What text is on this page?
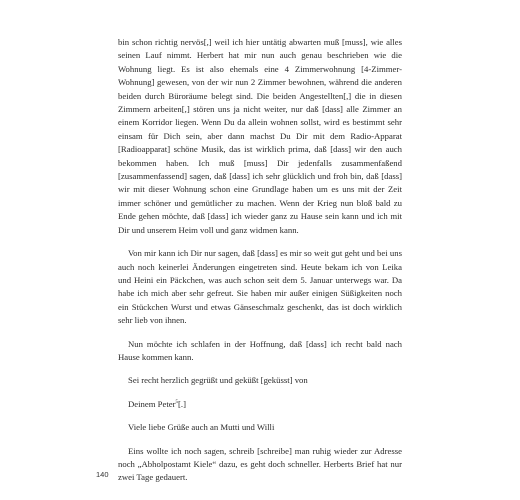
bin schon richtig nervös[,] weil ich hier untätig abwarten muß [muss], wie alles seinen Lauf nimmt. Herbert hat mir nun auch genau beschrieben wie die Wohnung liegt. Es ist also ehemals eine 4 Zimmerwohnung [4-Zimmer-Wohnung] gewesen, von der wir nun 2 Zimmer bewohnen, während die anderen beiden durch Büroräume belegt sind. Die beiden Angestellten[,] die in diesen Zimmern arbeiten[,] stören uns ja nicht weiter, nur daß [dass] alle Zimmer an einem Korridor liegen. Wenn Du da allein wohnen sollst, wird es bestimmt sehr einsam für Dich sein, aber dann machst Du Dir mit dem Radio-Apparat [Radioapparat] schöne Musik, das ist wirklich prima, daß [dass] wir den auch bekommen haben. Ich muß [muss] Dir jedenfalls zusammenfaßend [zusammenfassend] sagen, daß [dass] ich sehr glücklich und froh bin, daß [dass] wir mit dieser Wohnung schon eine Grundlage haben um es uns mit der Zeit immer schöner und gemütlicher zu machen. Wenn der Krieg nun bloß bald zu Ende gehen möchte, daß [dass] ich wieder ganz zu Hause sein kann und ich mit Dir und unserem Heim voll und ganz widmen kann.

Von mir kann ich Dir nur sagen, daß [dass] es mir so weit gut geht und bei uns auch noch keinerlei Änderungen eingetreten sind. Heute bekam ich von Leika und Heini ein Päckchen, was auch schon seit dem 5. Januar unterwegs war. Da habe ich mich aber sehr gefreut. Sie haben mir außer einigen Süßigkeiten noch ein Stückchen Wurst und etwas Gänseschmalz geschenkt, das ist doch wirklich sehr lieb von ihnen.

Nun möchte ich schlafen in der Hoffnung, daß [dass] ich recht bald nach Hause kommen kann.

Sei recht herzlich gegrüßt und geküßt [geküsst] von

Deinem Peter$^5$[.]

Viele liebe Grüße auch an Mutti und Willi

Eins wollte ich noch sagen, schreib [schreibe] man ruhig wieder zur Adresse noch „Abholpostamt Kiele“ dazu, es geht doch schneller. Herberts Brief hat nur zwei Tage gedauert.

140
